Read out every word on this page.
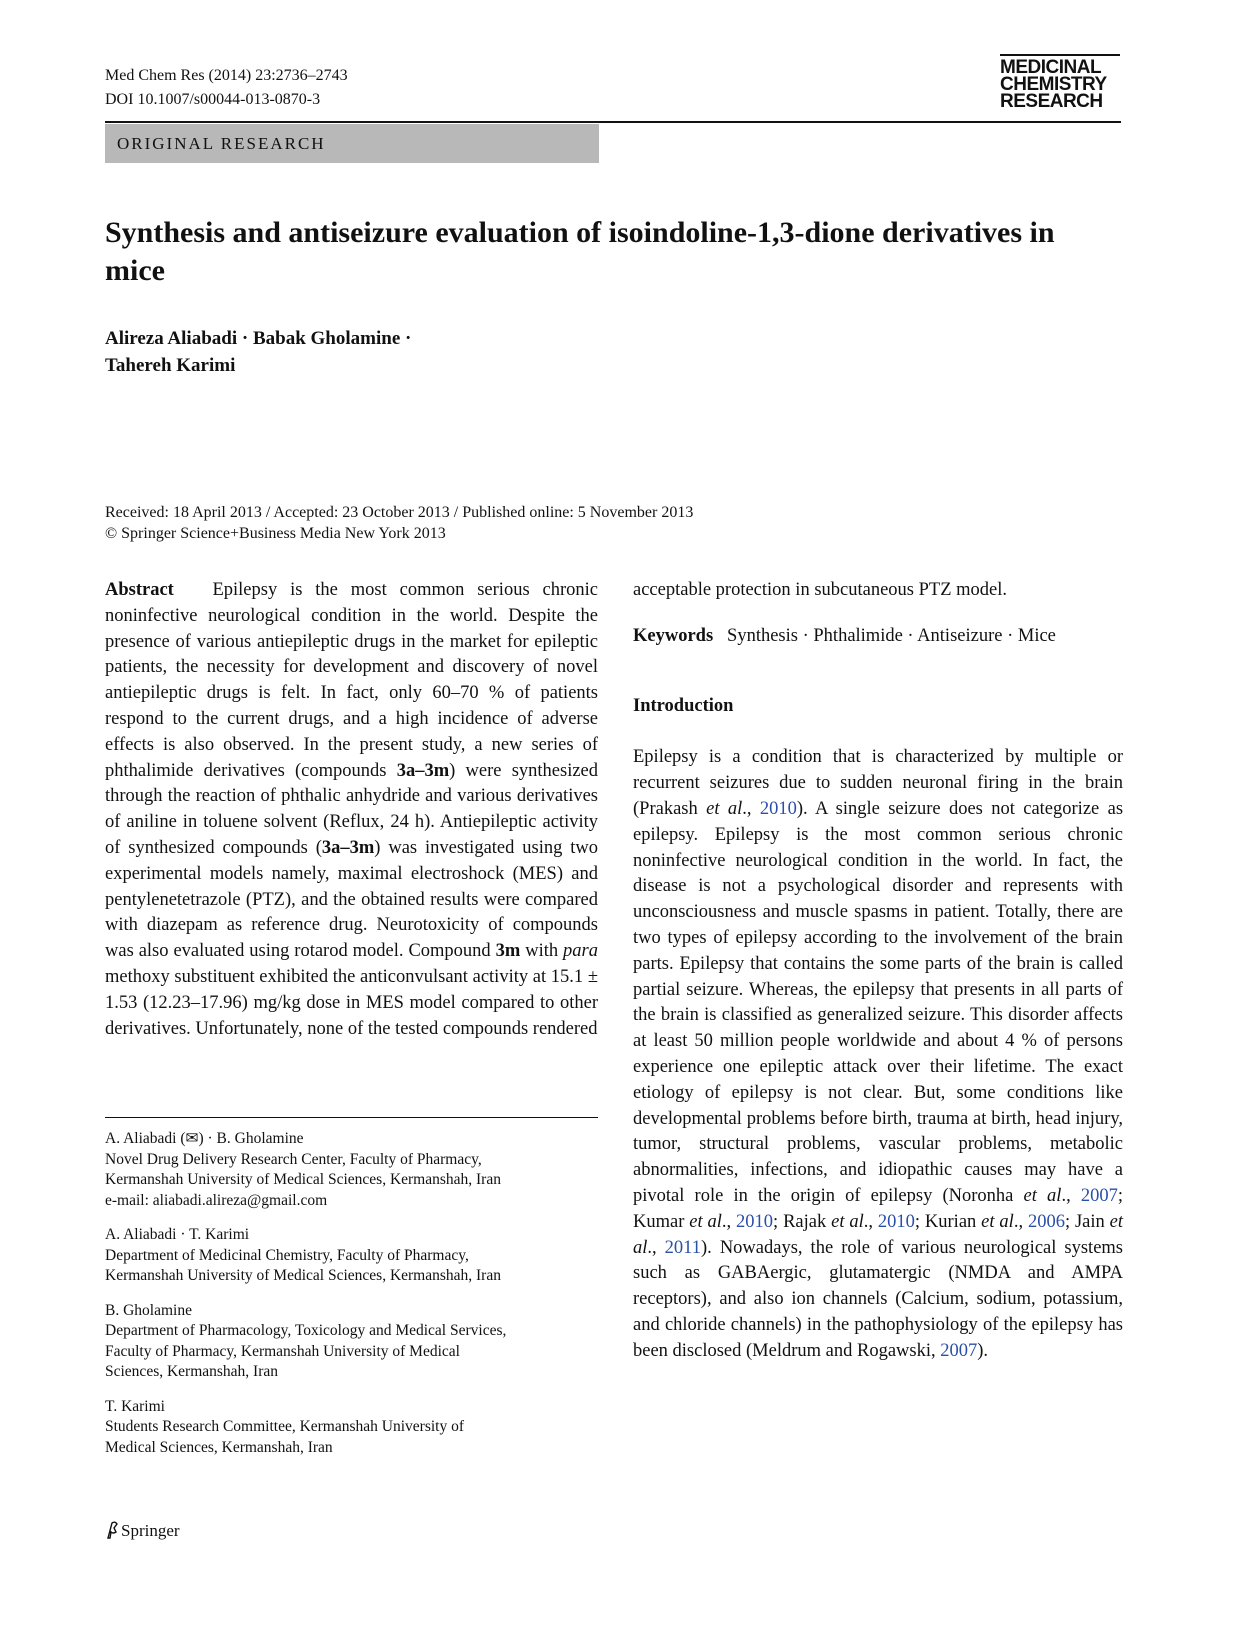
Med Chem Res (2014) 23:2736–2743
DOI 10.1007/s00044-013-0870-3
MEDICINAL
CHEMISTRY
RESEARCH
ORIGINAL RESEARCH
Synthesis and antiseizure evaluation of isoindoline-1,3-dione derivatives in mice
Alireza Aliabadi · Babak Gholamine ·
Tahereh Karimi
Received: 18 April 2013 / Accepted: 23 October 2013 / Published online: 5 November 2013
© Springer Science+Business Media New York 2013

Abstract Epilepsy is the most common serious chronic noninfective neurological condition in the world. Despite the presence of various antiepileptic drugs in the market for epileptic patients, the necessity for development and discovery of novel antiepileptic drugs is felt. In fact, only 60–70 % of patients respond to the current drugs, and a high incidence of adverse effects is also observed. In the present study, a new series of phthalimide derivatives (compounds 3a–3m) were synthesized through the reaction of phthalic anhydride and various derivatives of aniline in toluene solvent (Reflux, 24 h). Antiepileptic activity of synthesized compounds (3a–3m) was investigated using two experimental models namely, maximal electroshock (MES) and pentylenetetrazole (PTZ), and the obtained results were compared with diazepam as reference drug. Neurotoxicity of compounds was also evaluated using rotarod model. Compound 3m with para methoxy substituent exhibited the anticonvulsant activity at 15.1 ± 1.53 (12.23–17.96) mg/kg dose in MES model compared to other derivatives. Unfortunately, none of the tested compounds rendered

acceptable protection in subcutaneous PTZ model.

Keywords Synthesis · Phthalimide · Antiseizure · Mice

Introduction

Epilepsy is a condition that is characterized by multiple or recurrent seizures due to sudden neuronal firing in the brain (Prakash et al., 2010). A single seizure does not categorize as epilepsy. Epilepsy is the most common serious chronic noninfective neurological condition in the world. In fact, the disease is not a psychological disorder and represents with unconsciousness and muscle spasms in patient. Totally, there are two types of epilepsy according to the involvement of the brain parts. Epilepsy that contains the some parts of the brain is called partial seizure. Whereas, the epilepsy that presents in all parts of the brain is classified as generalized seizure. This disorder affects at least 50 million people worldwide and about 4 % of persons experience one epileptic attack over their lifetime. The exact etiology of epilepsy is not clear. But, some conditions like developmental problems before birth, trauma at birth, head injury, tumor, structural problems, vascular problems, metabolic abnormalities, infections, and idiopathic causes may have a pivotal role in the origin of epilepsy (Noronha et al., 2007; Kumar et al., 2010; Rajak et al., 2010; Kurian et al., 2006; Jain et al., 2011). Nowadays, the role of various neurological systems such as GABAergic, glutamatergic (NMDA and AMPA receptors), and also ion channels (Calcium, sodium, potassium, and chloride channels) in the pathophysiology of the epilepsy has been disclosed (Meldrum and Rogawski, 2007).

A. Aliabadi (✉) · B. Gholamine
Novel Drug Delivery Research Center, Faculty of Pharmacy,
Kermanshah University of Medical Sciences, Kermanshah, Iran
e-mail: aliabadi.alireza@gmail.com
A. Aliabadi · T. Karimi
Department of Medicinal Chemistry, Faculty of Pharmacy,
Kermanshah University of Medical Sciences, Kermanshah, Iran
B. Gholamine
Department of Pharmacology, Toxicology and Medical Services,
Faculty of Pharmacy, Kermanshah University of Medical
Sciences, Kermanshah, Iran
T. Karimi
Students Research Committee, Kermanshah University of
Medical Sciences, Kermanshah, Iran
Springer
